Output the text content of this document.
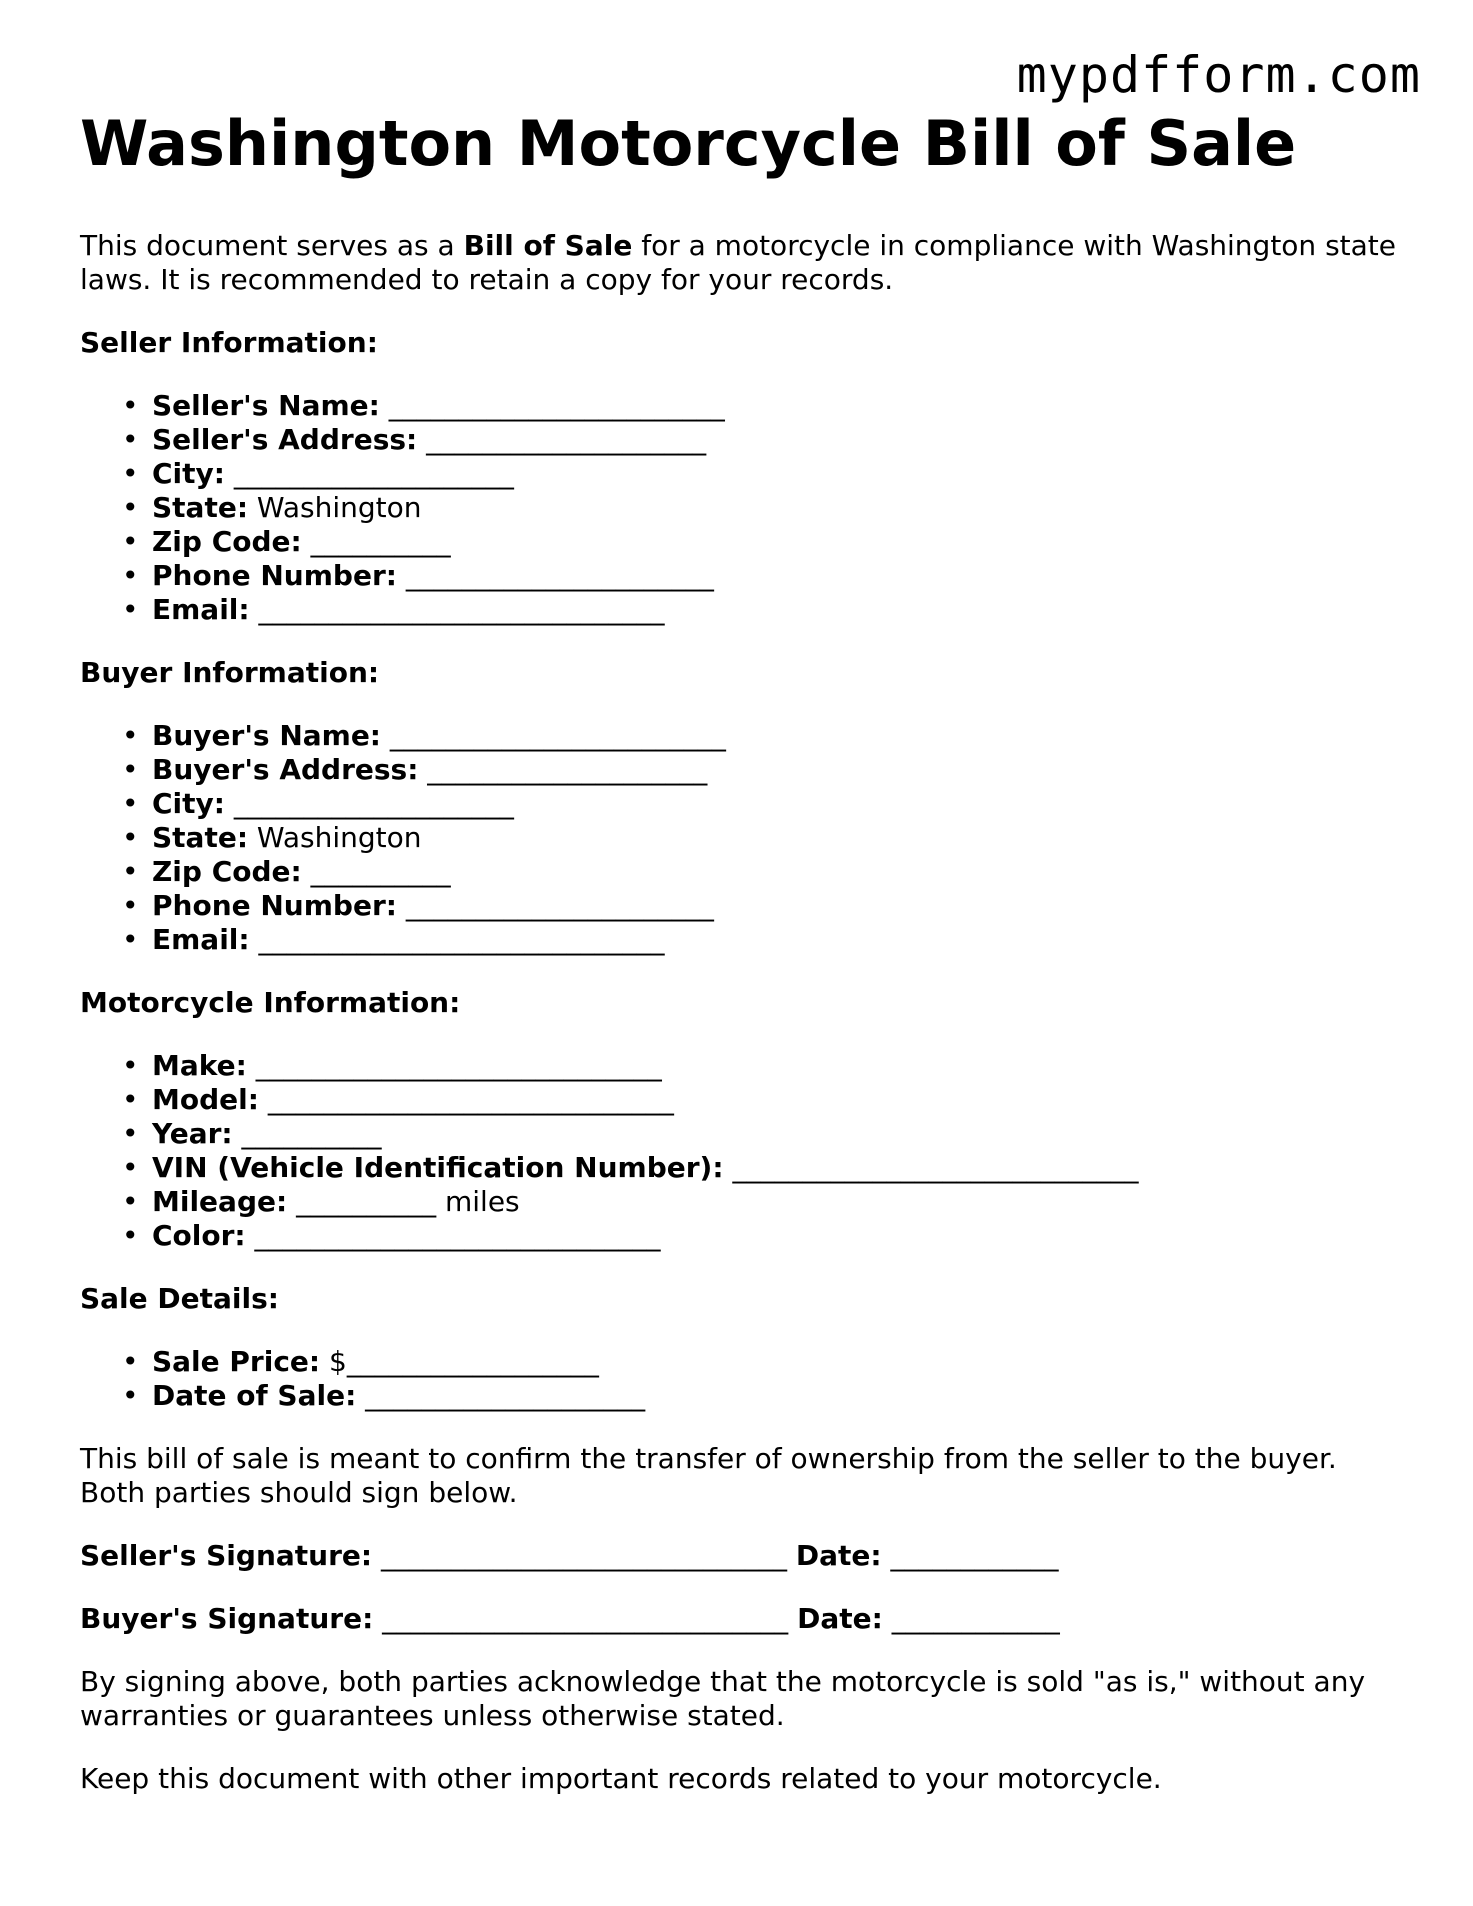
mypdfform.com
Washington Motorcycle Bill of Sale

This document serves as a Bill of Sale for a motorcycle in compliance with Washington state laws. It is recommended to retain a copy for your records.

Seller Information:
• Seller's Name: ________________________
• Seller's Address: ____________________
• City: ____________________
• State: Washington
• Zip Code: __________
• Phone Number: ______________________
• Email: _____________________________
Buyer Information:
• Buyer's Name: ________________________
• Buyer's Address: ____________________
• City: ____________________
• State: Washington
• Zip Code: __________
• Phone Number: ______________________
• Email: _____________________________
Motorcycle Information:
• Make: _____________________________
• Model: _____________________________
• Year: __________
• VIN (Vehicle Identification Number): _____________________________
• Mileage: __________ miles
• Color: _____________________________
Sale Details:
• Sale Price: $__________________
• Date of Sale: ____________________

This bill of sale is meant to confirm the transfer of ownership from the seller to the buyer. Both parties should sign below.

Seller's Signature: _____________________________ Date: ____________
Buyer's Signature: _____________________________ Date: ____________

By signing above, both parties acknowledge that the motorcycle is sold "as is," without any warranties or guarantees unless otherwise stated.

Keep this document with other important records related to your motorcycle.
